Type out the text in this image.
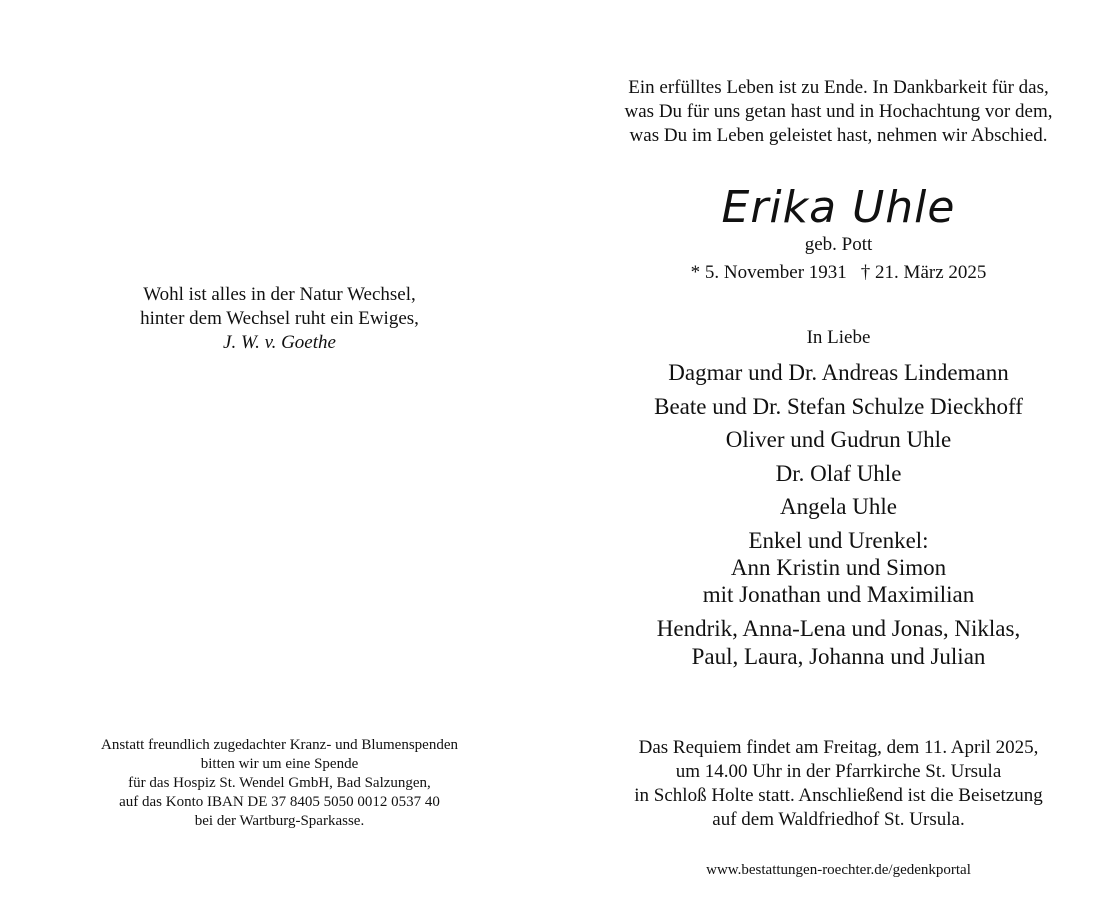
Wohl ist alles in der Natur Wechsel,
hinter dem Wechsel ruht ein Ewiges,
J. W. v. Goethe
Anstatt freundlich zugedachter Kranz- und Blumenspenden
bitten wir um eine Spende
für das Hospiz St. Wendel GmbH, Bad Salzungen,
auf das Konto IBAN DE 37 8405 5050 0012 0537 40
bei der Wartburg-Sparkasse.
Ein erfülltes Leben ist zu Ende. In Dankbarkeit für das,
was Du für uns getan hast und in Hochachtung vor dem,
was Du im Leben geleistet hast, nehmen wir Abschied.
Erika Uhle
geb. Pott
* 5. November 1931 † 21. März 2025
In Liebe
Dagmar und Dr. Andreas Lindemann
Beate und Dr. Stefan Schulze Dieckhoff
Oliver und Gudrun Uhle
Dr. Olaf Uhle
Angela Uhle
Enkel und Urenkel:
Ann Kristin und Simon
mit Jonathan und Maximilian
Hendrik, Anna-Lena und Jonas, Niklas,
Paul, Laura, Johanna und Julian
Das Requiem findet am Freitag, dem 11. April 2025,
um 14.00 Uhr in der Pfarrkirche St. Ursula
in Schloß Holte statt. Anschließend ist die Beisetzung
auf dem Waldfriedhof St. Ursula.
www.bestattungen-roechter.de/gedenkportal
